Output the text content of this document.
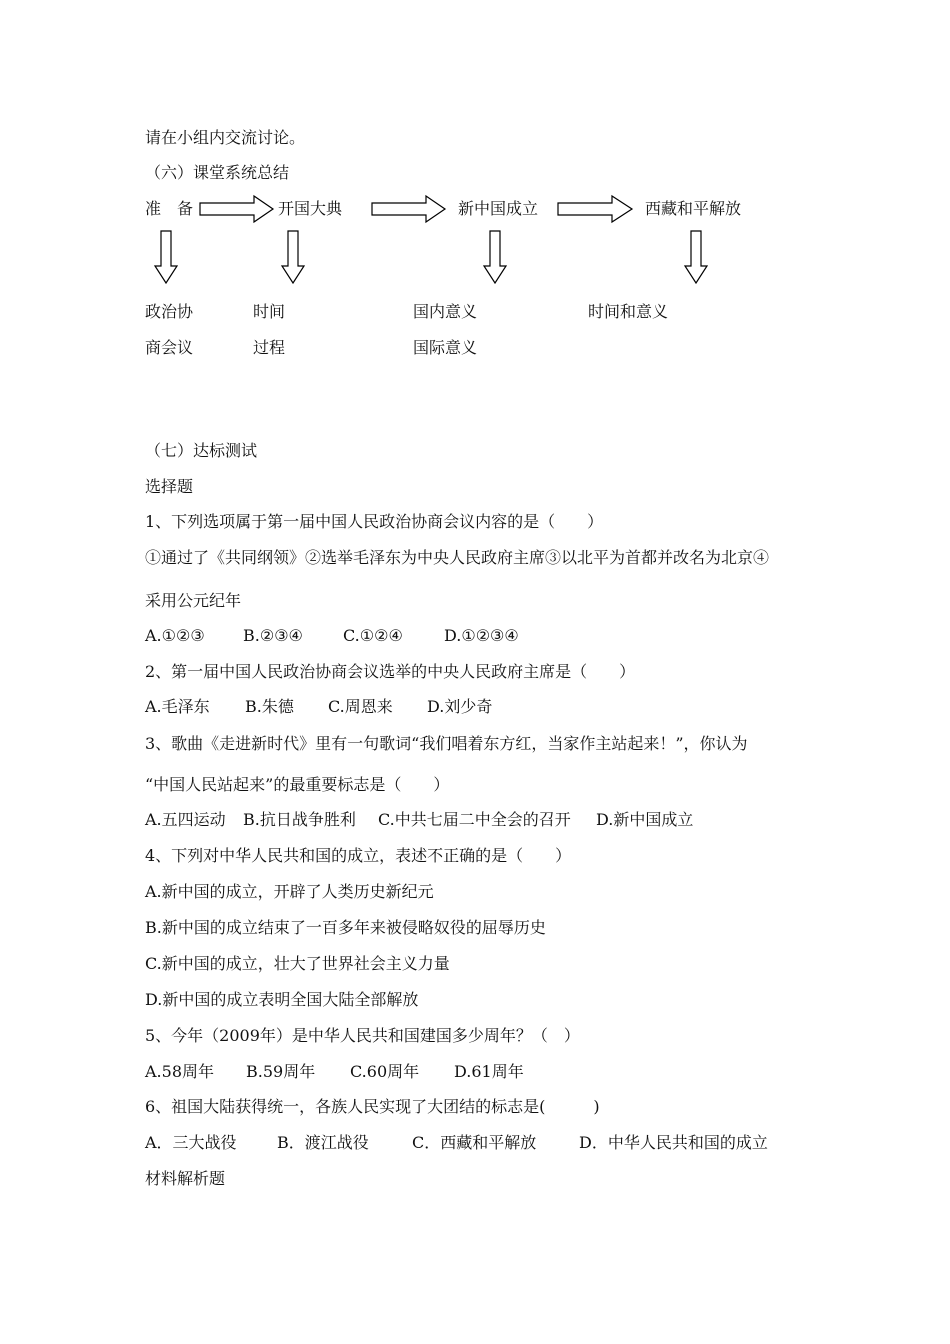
请在小组内交流讨论。
（六）课堂系统总结
准　备	开国大典	新中国成立	西藏和平解放
政治协
商会议
时间
过程
国内意义
国际意义
时间和意义
（七）达标测试
选择题
1、下列选项属于第一届中国人民政治协商会议内容的是（　　）
①通过了《共同纲领》②选举毛泽东为中央人民政府主席③以北平为首都并改名为北京④
采用公元纪年
A.①②③ B.②③④	C.①②④	D.①②③④
2、第一届中国人民政治协商会议选举的中央人民政府主席是（　　）
A.毛泽东 B.朱德 C.周恩来 D.刘少奇
3、歌曲《走进新时代》里有一句歌词“我们唱着东方红，当家作主站起来！”，你认为
“中国人民站起来”的最重要标志是（　　）
A.五四运动 B.抗日战争胜利 C.中共七届二中全会的召开 D.新中国成立
4、下列对中华人民共和国的成立，表述不正确的是（　　）
A.新中国的成立，开辟了人类历史新纪元
B.新中国的成立结束了一百多年来被侵略奴役的屈辱历史
C.新中国的成立，壮大了世界社会主义力量
D.新中国的成立表明全国大陆全部解放
5、今年（2009年）是中华人民共和国建国多少周年？（　）
A.58周年 B.59周年 C.60周年 D.61周年
6、祖国大陆获得统一，各族人民实现了大团结的标志是(　　　)
A．三大战役	B．渡江战役	C．西藏和平解放	D．中华人民共和国的成立
材料解析题
